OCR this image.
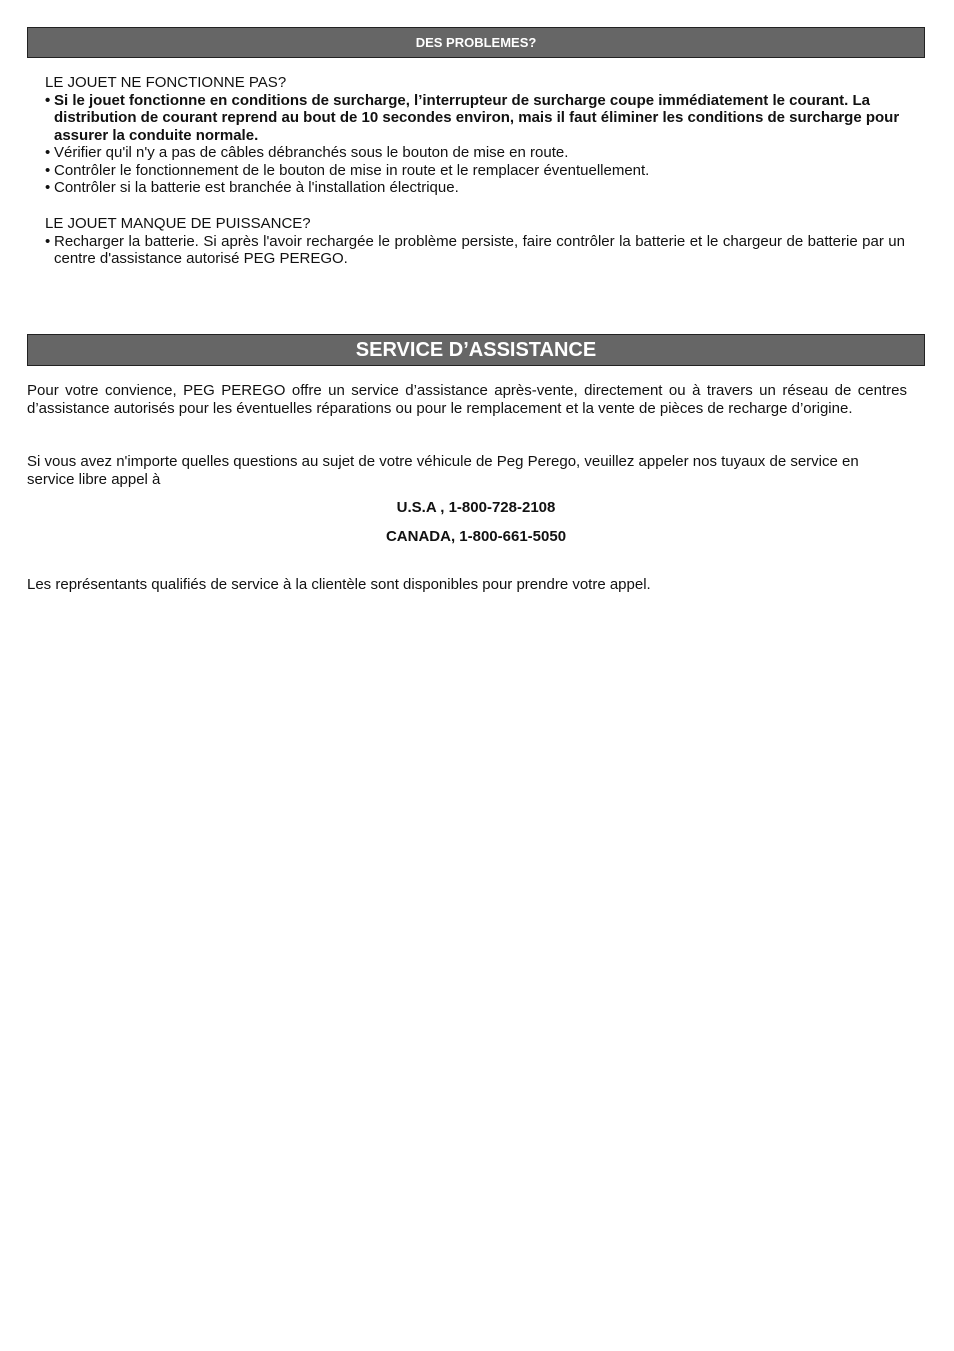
DES PROBLEMES?

LE JOUET NE FONCTIONNE PAS?

• Si le jouet fonctionne en conditions de surcharge, l’interrupteur de surcharge coupe immédiatement le courant. La distribution de courant reprend au bout de 10 secondes environ, mais il faut éliminer les conditions de surcharge pour assurer la conduite normale.

• Vérifier qu'il n'y a pas de câbles débranchés sous le bouton de mise en route.

• Contrôler le fonctionnement de le bouton de mise in route et le remplacer éventuellement.

• Contrôler si la batterie est branchée à l'installation électrique.

LE JOUET MANQUE DE PUISSANCE?

• Recharger la batterie. Si après l'avoir rechargée le problème persiste, faire contrôler la batterie et le chargeur de batterie par un centre d'assistance autorisé PEG PEREGO.

SERVICE D’ASSISTANCE

Pour votre convience, PEG PEREGO offre un service d’assistance après-vente, directement ou à travers un réseau de centres d’assistance autorisés pour les éventuelles réparations ou pour le remplacement et la vente de pièces de recharge d’origine.

Si vous avez n'importe quelles questions au sujet de votre véhicule de Peg Perego, veuillez appeler nos tuyaux de service en service libre appel à

U.S.A , 1-800-728-2108

CANADA, 1-800-661-5050

Les représentants qualifiés de service à la clientèle sont disponibles pour prendre votre appel.
